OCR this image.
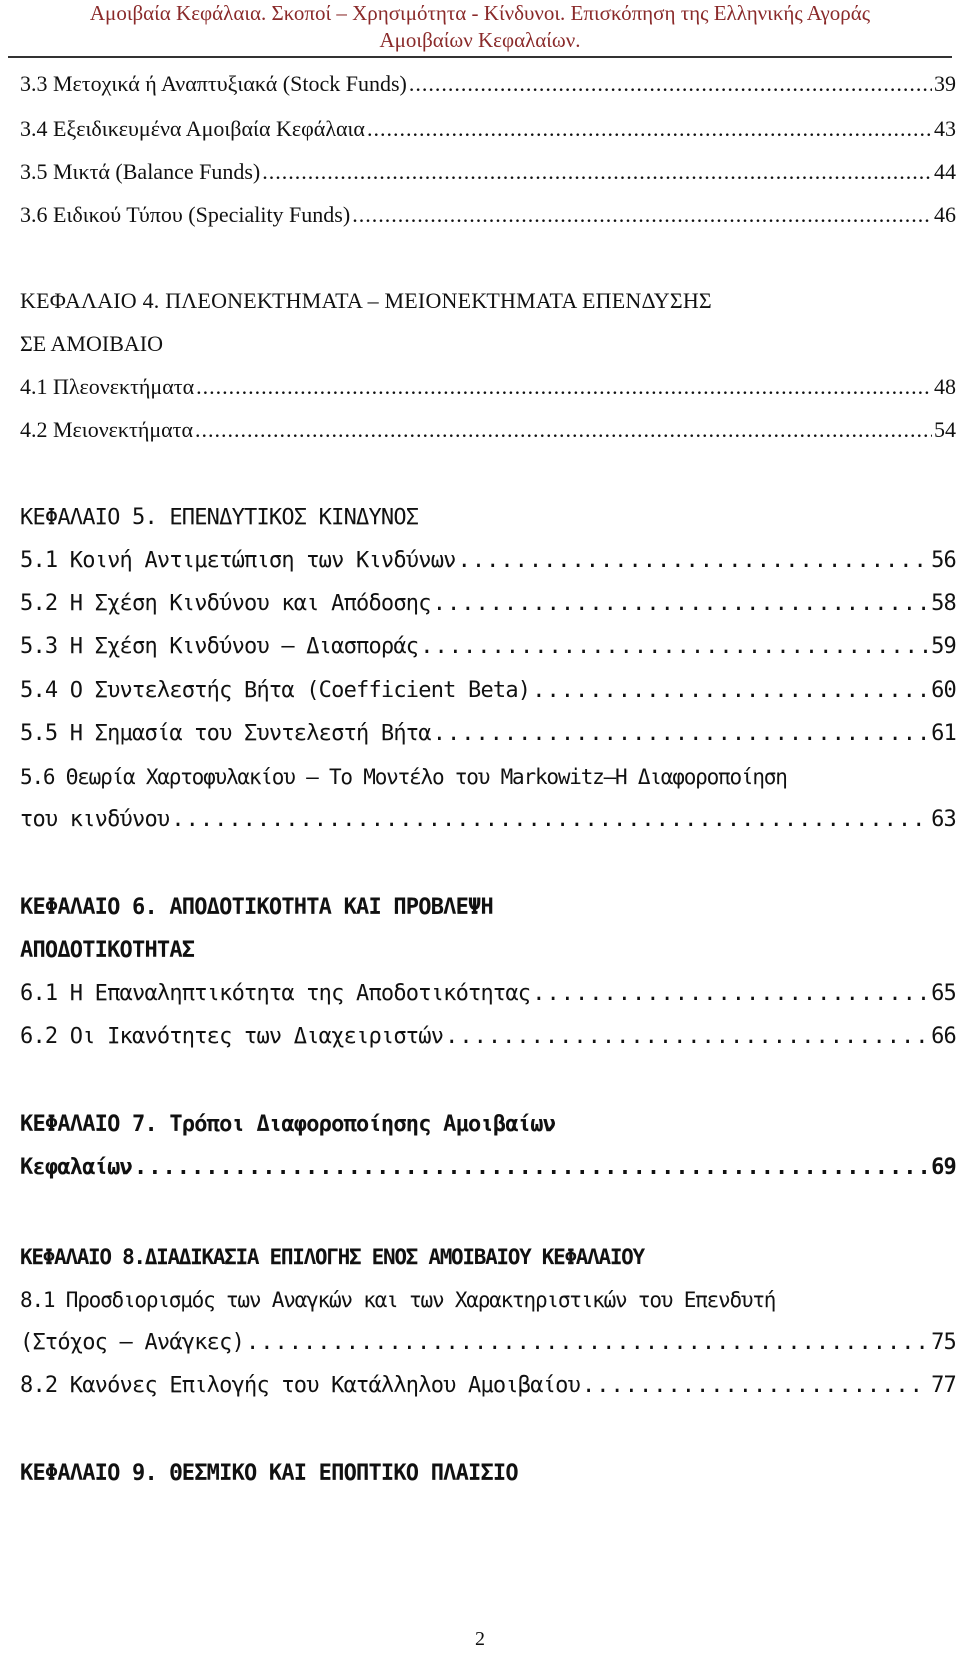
Αμοιβαία Κεφάλαια. Σκοποί – Χρησιμότητα - Κίνδυνοι. Επισκόπηση της Ελληνικής Αγοράς
Αμοιβαίων Κεφαλαίων.
3.3 Μετοχικά ή Αναπτυξιακά (Stock Funds) .....	39
3.4 Εξειδικευμένα Αμοιβαία Κεφάλαια .....	43
3.5 Μικτά (Balance Funds) .....	44
3.6 Ειδικού Τύπου (Speciality Funds) .....	46
ΚΕΦΑΛΑΙΟ 4. ΠΛΕΟΝΕΚΤΗΜΑΤΑ – ΜΕΙΟΝΕΚΤΗΜΑΤΑ ΕΠΕΝΔΥΣΗΣ
ΣΕ ΑΜΟΙΒΑΙΟ
4.1 Πλεονεκτήματα .....	48
4.2 Μειονεκτήματα .....	54
ΚΕΦΑΛΑΙΟ 5. ΕΠΕΝΔΥΤΙΚΟΣ ΚΙΝΔΥΝΟΣ
5.1 Κοινή Αντιμετώπιση των Κινδύνων .....	56
5.2 Η Σχέση Κινδύνου και Απόδοσης .....	58
5.3 Η Σχέση Κινδύνου – Διασποράς .....	59
5.4 Ο Συντελεστής Βήτα (Coefficient Beta) .....	60
5.5 Η Σημασία του Συντελεστή Βήτα .....	61
5.6 Θεωρία Χαρτοφυλακίου – Το Μοντέλο του Markowitz–Η Διαφοροποίηση
του κινδύνου .....	63
ΚΕΦΑΛΑΙΟ 6. ΑΠΟΔΟΤΙΚΟΤΗΤΑ ΚΑΙ ΠΡΟΒΛΕΨΗ
ΑΠΟΔΟΤΙΚΟΤΗΤΑΣ
6.1 Η Επαναληπτικότητα της Αποδοτικότητας .....	65
6.2 Οι Ικανότητες των Διαχειριστών .....	66
ΚΕΦΑΛΑΙΟ 7. Τρόποι Διαφοροποίησης Αμοιβαίων
Κεφαλαίων .....	69
ΚΕΦΑΛΑΙΟ 8.ΔΙΑΔΙΚΑΣΙΑ ΕΠΙΛΟΓΗΣ ΕΝΟΣ ΑΜΟΙΒΑΙΟΥ ΚΕΦΑΛΑΙΟΥ
8.1 Προσδιορισμός των Αναγκών και των Χαρακτηριστικών του Επενδυτή
(Στόχος – Ανάγκες) .....	75
8.2 Κανόνες Επιλογής του Κατάλληλου Αμοιβαίου .....	77
ΚΕΦΑΛΑΙΟ 9. ΘΕΣΜΙΚΟ ΚΑΙ ΕΠΟΠΤΙΚΟ ΠΛΑΙΣΙΟ
2
